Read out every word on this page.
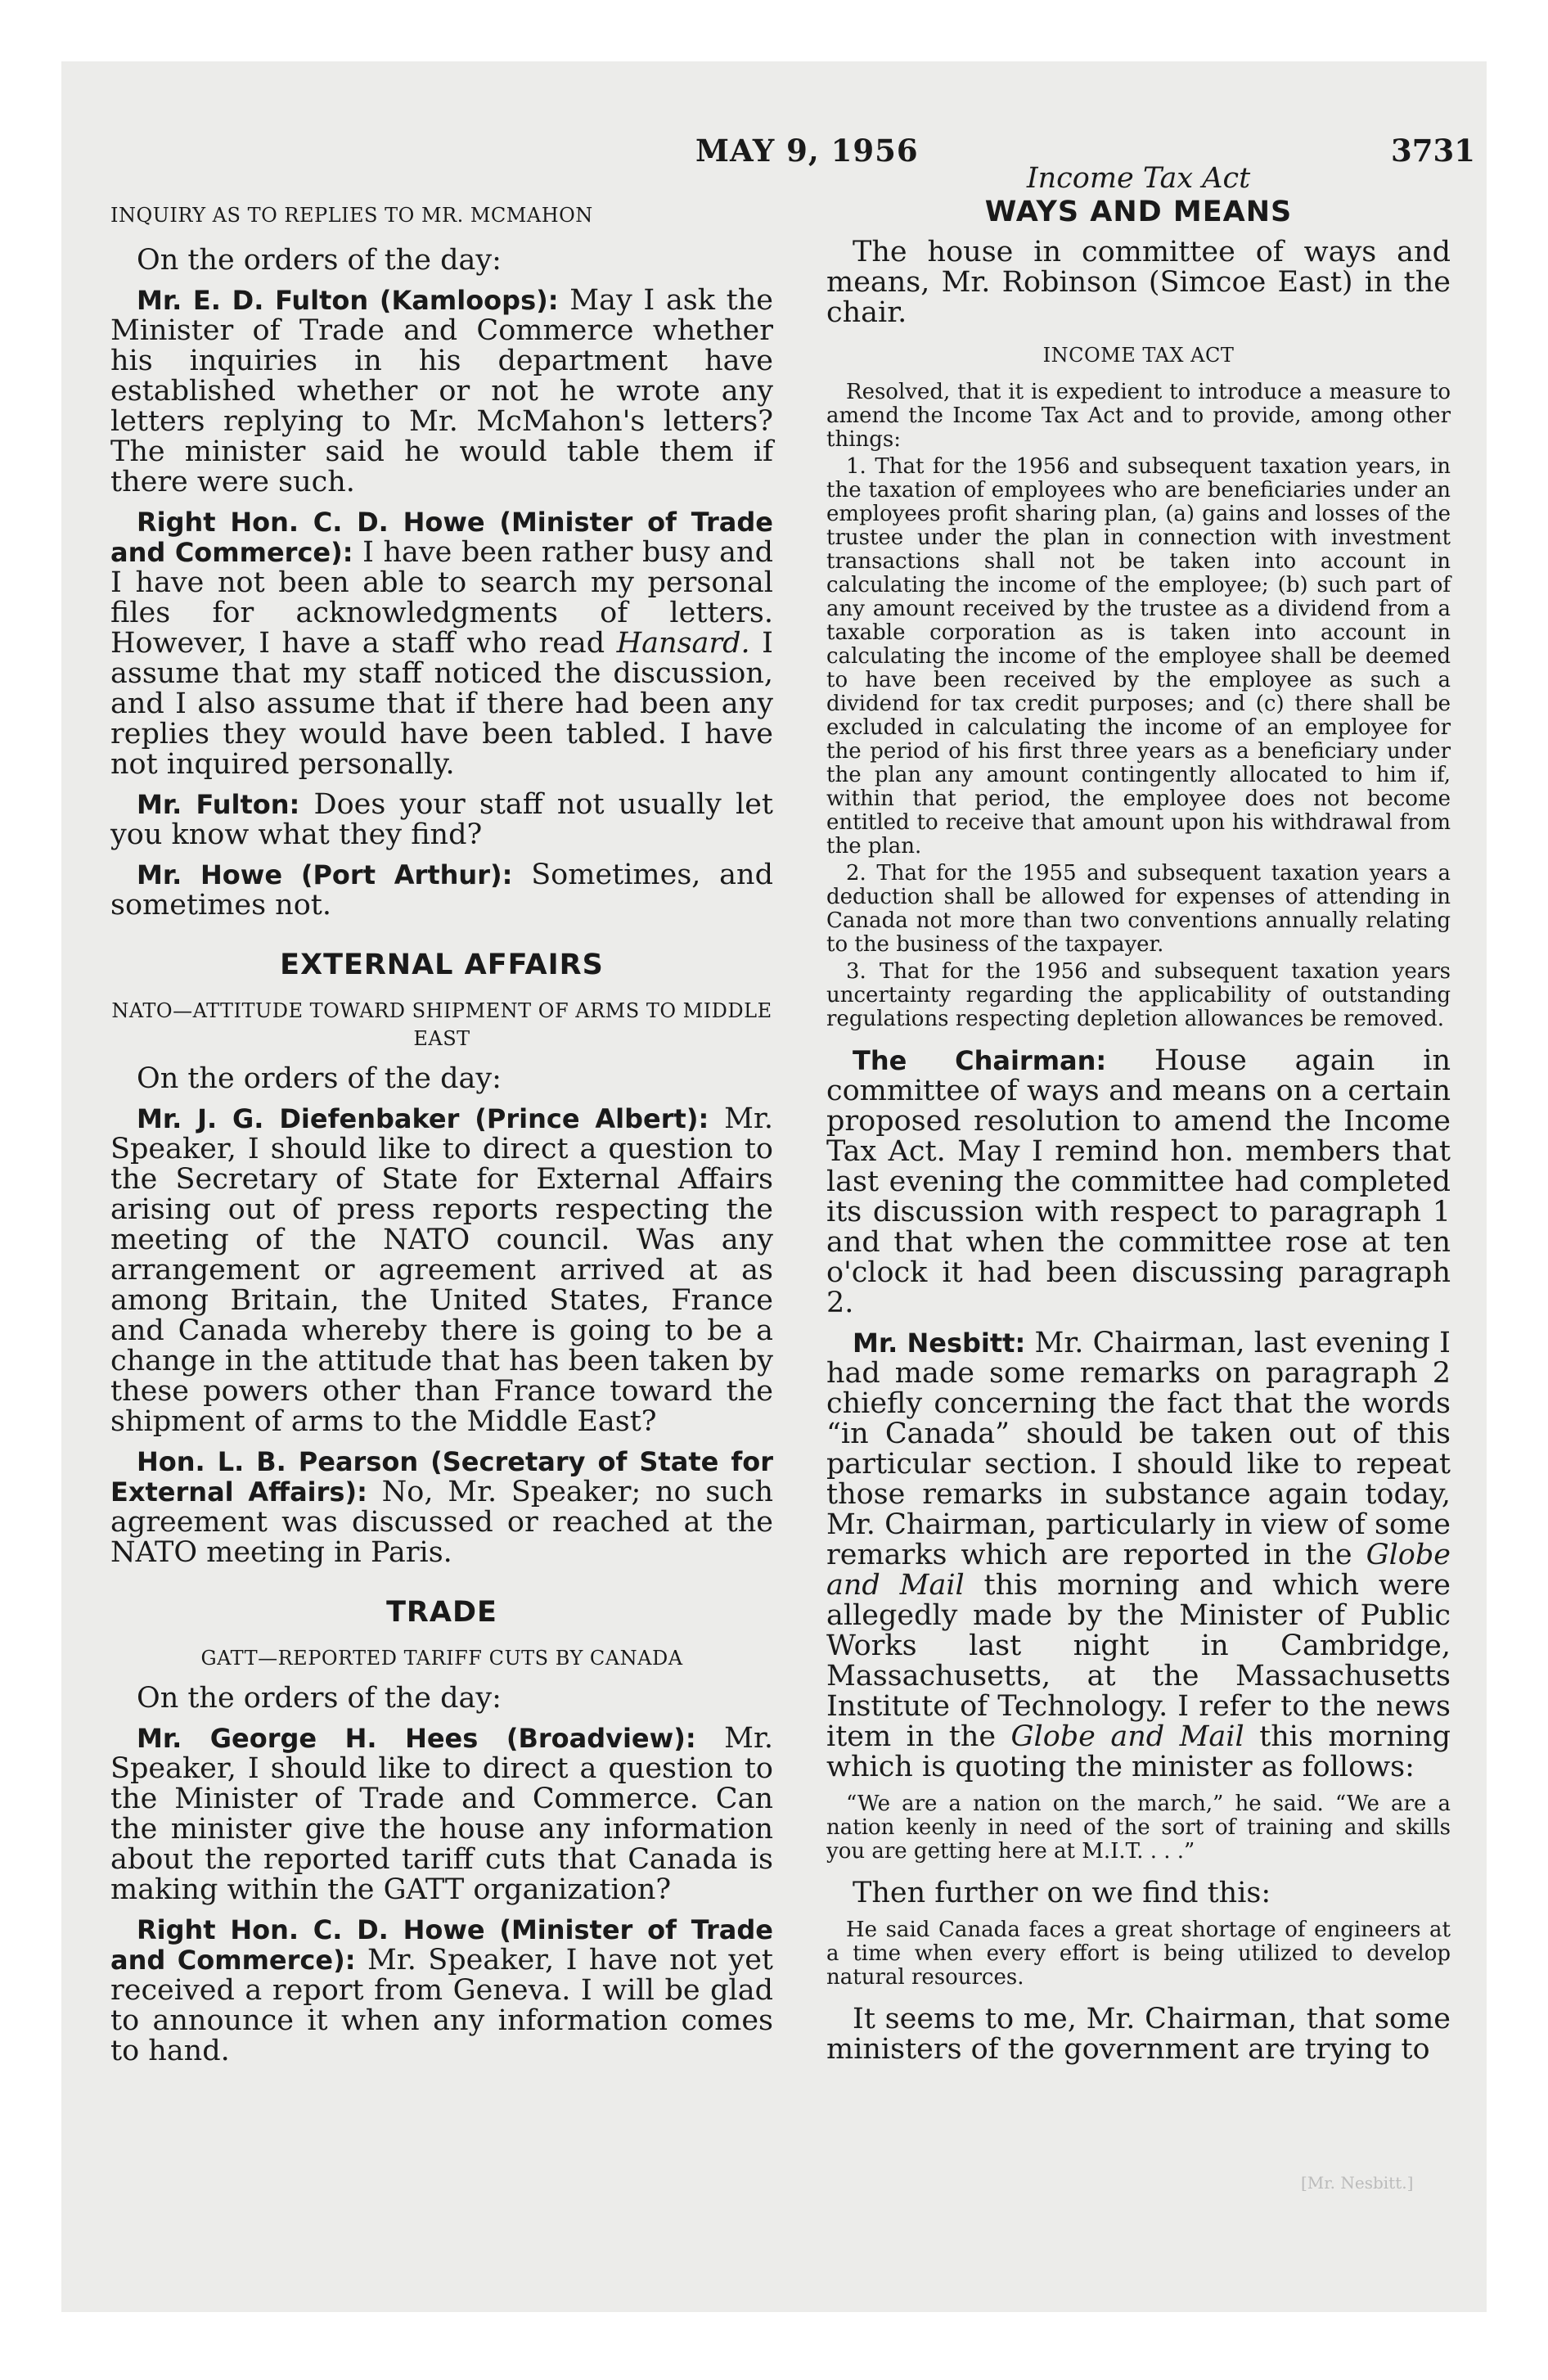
MAY 9, 1956	3731
INQUIRY AS TO REPLIES TO MR. MCMAHON

On the orders of the day:

Mr. E. D. Fulton (Kamloops): May I ask the Minister of Trade and Commerce whether his inquiries in his department have established whether or not he wrote any letters replying to Mr. McMahon's letters? The minister said he would table them if there were such.

Right Hon. C. D. Howe (Minister of Trade and Commerce): I have been rather busy and I have not been able to search my personal files for acknowledgments of letters. However, I have a staff who read Hansard. I assume that my staff noticed the discussion, and I also assume that if there had been any replies they would have been tabled. I have not inquired personally.

Mr. Fulton: Does your staff not usually let you know what they find?

Mr. Howe (Port Arthur): Sometimes, and sometimes not.

EXTERNAL AFFAIRS
NATO—ATTITUDE TOWARD SHIPMENT OF ARMS TO MIDDLE EAST

On the orders of the day:

Mr. J. G. Diefenbaker (Prince Albert): Mr. Speaker, I should like to direct a question to the Secretary of State for External Affairs arising out of press reports respecting the meeting of the NATO council. Was any arrangement or agreement arrived at as among Britain, the United States, France and Canada whereby there is going to be a change in the attitude that has been taken by these powers other than France toward the shipment of arms to the Middle East?

Hon. L. B. Pearson (Secretary of State for External Affairs): No, Mr. Speaker; no such agreement was discussed or reached at the NATO meeting in Paris.

TRADE
GATT—REPORTED TARIFF CUTS BY CANADA

On the orders of the day:

Mr. George H. Hees (Broadview): Mr. Speaker, I should like to direct a question to the Minister of Trade and Commerce. Can the minister give the house any information about the reported tariff cuts that Canada is making within the GATT organization?

Right Hon. C. D. Howe (Minister of Trade and Commerce): Mr. Speaker, I have not yet received a report from Geneva. I will be glad to announce it when any information comes to hand.

Income Tax Act
WAYS AND MEANS

The house in committee of ways and means, Mr. Robinson (Simcoe East) in the chair.

INCOME TAX ACT

Resolved, that it is expedient to introduce a measure to amend the Income Tax Act and to provide, among other things:

1. That for the 1956 and subsequent taxation years, in the taxation of employees who are beneficiaries under an employees profit sharing plan, (a) gains and losses of the trustee under the plan in connection with investment transactions shall not be taken into account in calculating the income of the employee; (b) such part of any amount received by the trustee as a dividend from a taxable corporation as is taken into account in calculating the income of the employee shall be deemed to have been received by the employee as such a dividend for tax credit purposes; and (c) there shall be excluded in calculating the income of an employee for the period of his first three years as a beneficiary under the plan any amount contingently allocated to him if, within that period, the employee does not become entitled to receive that amount upon his withdrawal from the plan.

2. That for the 1955 and subsequent taxation years a deduction shall be allowed for expenses of attending in Canada not more than two conventions annually relating to the business of the taxpayer.

3. That for the 1956 and subsequent taxation years uncertainty regarding the applicability of outstanding regulations respecting depletion allowances be removed.

The Chairman: House again in committee of ways and means on a certain proposed resolution to amend the Income Tax Act. May I remind hon. members that last evening the committee had completed its discussion with respect to paragraph 1 and that when the committee rose at ten o'clock it had been discussing paragraph 2.

Mr. Nesbitt: Mr. Chairman, last evening I had made some remarks on paragraph 2 chiefly concerning the fact that the words “in Canada” should be taken out of this particular section. I should like to repeat those remarks in substance again today, Mr. Chairman, particularly in view of some remarks which are reported in the Globe and Mail this morning and which were allegedly made by the Minister of Public Works last night in Cambridge, Massachusetts, at the Massachusetts Institute of Technology. I refer to the news item in the Globe and Mail this morning which is quoting the minister as follows:

“We are a nation on the march,” he said. “We are a nation keenly in need of the sort of training and skills you are getting here at M.I.T. . . .”

Then further on we find this:

He said Canada faces a great shortage of engineers at a time when every effort is being utilized to develop natural resources.

It seems to me, Mr. Chairman, that some ministers of the government are trying to

[Mr. Nesbitt.]
